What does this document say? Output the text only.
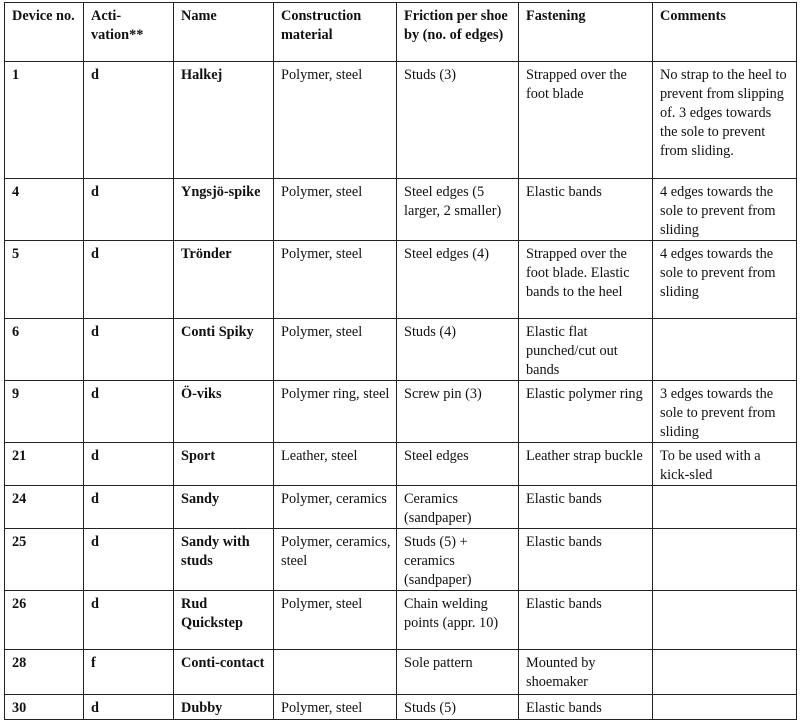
Device no.	Acti-vation**	Name	Construction material	Friction per shoe by (no. of edges)	Fastening	Comments
1	d	Halkej	Polymer, steel	Studs (3)	Strapped over the foot blade	No strap to the heel to prevent from slipping of. 3 edges towards the sole to prevent from sliding.
4	d	Yngsjö-spike	Polymer, steel	Steel edges (5 larger, 2 smaller)	Elastic bands	4 edges towards the sole to prevent from sliding
5	d	Trönder	Polymer, steel	Steel edges (4)	Strapped over the foot blade. Elastic bands to the heel	4 edges towards the sole to prevent from sliding
6	d	Conti Spiky	Polymer, steel	Studs (4)	Elastic flat punched/cut out bands	
9	d	Ö-viks	Polymer ring, steel	Screw pin (3)	Elastic polymer ring	3 edges towards the sole to prevent from sliding
21	d	Sport	Leather, steel	Steel edges	Leather strap buckle	To be used with a kick-sled
24	d	Sandy	Polymer, ceramics	Ceramics (sandpaper)	Elastic bands	
25	d	Sandy with studs	Polymer, ceramics, steel	Studs (5) + ceramics (sandpaper)	Elastic bands	
26	d	Rud Quickstep	Polymer, steel	Chain welding points (appr. 10)	Elastic bands	
28	f	Conti-contact		Sole pattern	Mounted by shoemaker	
30	d	Dubby	Polymer, steel	Studs (5)	Elastic bands	
